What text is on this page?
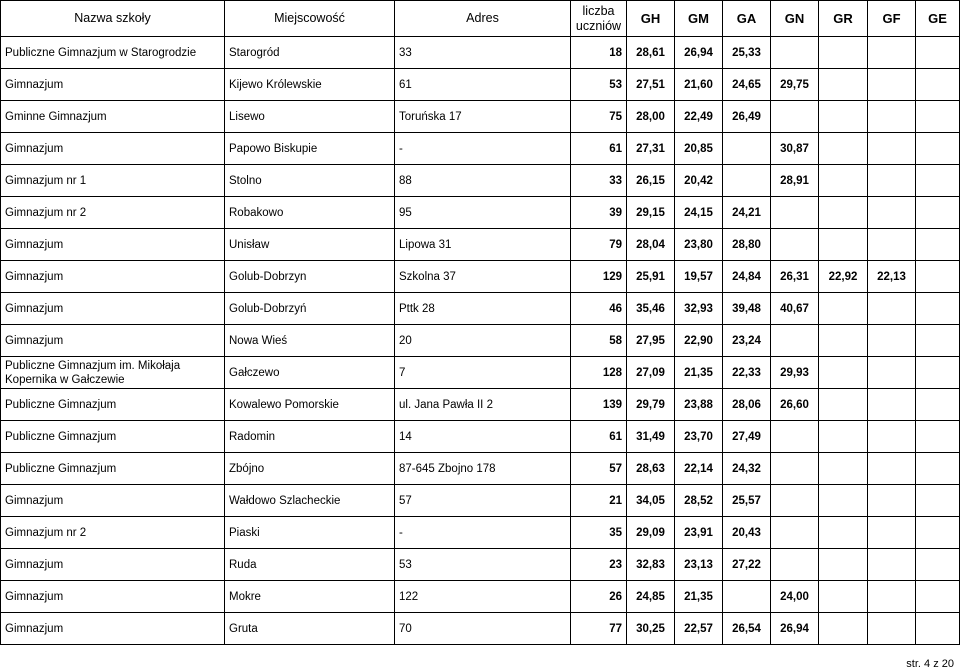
Nazwa szkoły	Miejscowość	Adres	liczba
uczniów	GH	GM	GA	GN	GR	GF	GE
Publiczne Gimnazjum w Starogrodzie	Starogród	33	18	28,61	26,94	25,33				
Gimnazjum	Kijewo Królewskie	61	53	27,51	21,60	24,65	29,75			
Gminne Gimnazjum	Lisewo	Toruńska 17	75	28,00	22,49	26,49				
Gimnazjum	Papowo Biskupie	-	61	27,31	20,85		30,87			
Gimnazjum nr 1	Stolno	88	33	26,15	20,42		28,91			
Gimnazjum nr 2	Robakowo	95	39	29,15	24,15	24,21				
Gimnazjum	Unisław	Lipowa 31	79	28,04	23,80	28,80				
Gimnazjum	Golub-Dobrzyn	Szkolna 37	129	25,91	19,57	24,84	26,31	22,92	22,13	
Gimnazjum	Golub-Dobrzyń	Pttk 28	46	35,46	32,93	39,48	40,67			
Gimnazjum	Nowa Wieś	20	58	27,95	22,90	23,24				
Publiczne Gimnazjum im. Mikołaja Kopernika w Gałczewie	Gałczewo	7	128	27,09	21,35	22,33	29,93			
Publiczne Gimnazjum	Kowalewo Pomorskie	ul. Jana Pawła II 2	139	29,79	23,88	28,06	26,60			
Publiczne Gimnazjum	Radomin	14	61	31,49	23,70	27,49				
Publiczne Gimnazjum	Zbójno	87-645 Zbojno 178	57	28,63	22,14	24,32				
Gimnazjum	Wałdowo Szlacheckie	57	21	34,05	28,52	25,57				
Gimnazjum nr 2	Piaski	-	35	29,09	23,91	20,43				
Gimnazjum	Ruda	53	23	32,83	23,13	27,22				
Gimnazjum	Mokre	122	26	24,85	21,35		24,00			
Gimnazjum	Gruta	70	77	30,25	22,57	26,54	26,94			
str. 4 z 20
